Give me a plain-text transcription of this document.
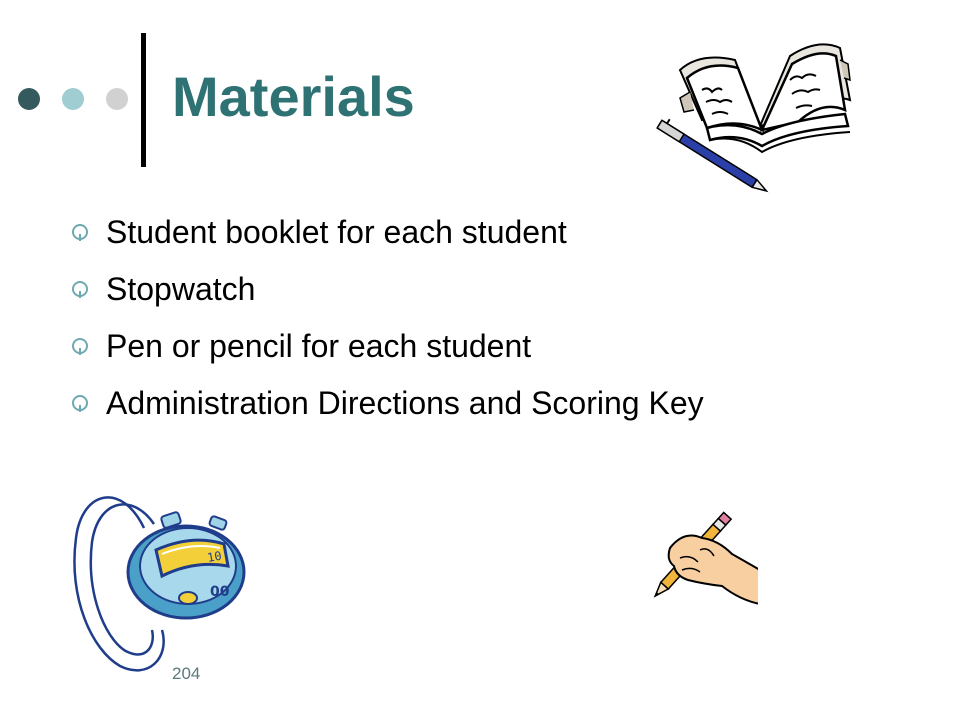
Materials
Student booklet for each student
Stopwatch
Pen or pencil for each student
Administration Directions and Scoring Key
10
00
204
